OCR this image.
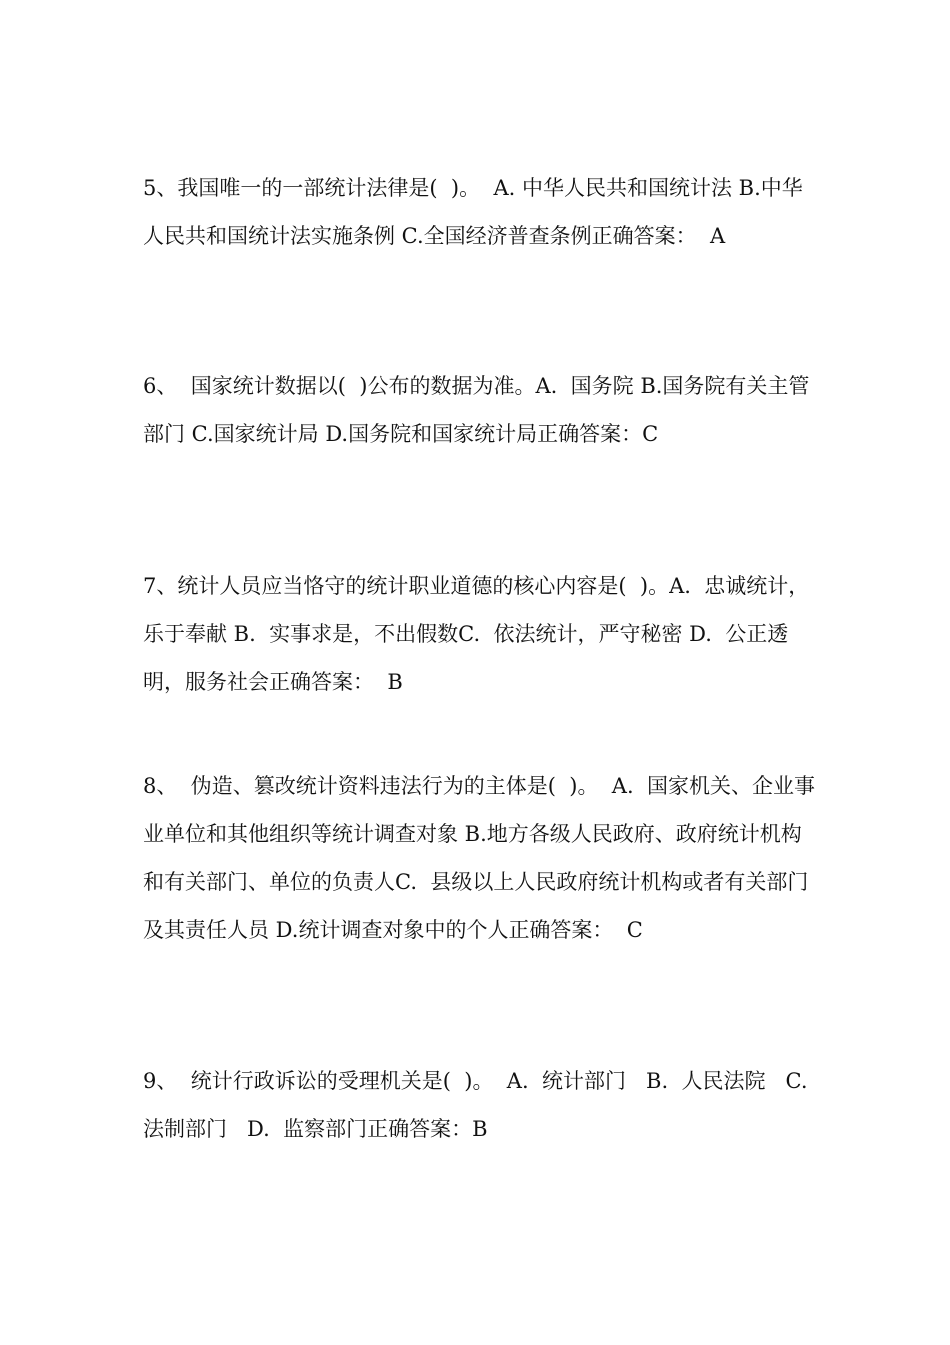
5、我国唯一的一部统计法律是(  )。  A. 中华人民共和国统计法 B.中华人民共和国统计法实施条例 C.全国经济普查条例正确答案：  A

6、  国家统计数据以(  )公布的数据为准。A.  国务院 B.国务院有关主管部门 C.国家统计局 D.国务院和国家统计局正确答案：C

7、统计人员应当恪守的统计职业道德的核心内容是(  )。A.  忠诚统计，乐于奉献 B.  实事求是，不出假数C.  依法统计，严守秘密 D.  公正透明，服务社会正确答案：  B

8、  伪造、篡改统计资料违法行为的主体是(  )。  A.  国家机关、企业事业单位和其他组织等统计调查对象 B.地方各级人民政府、政府统计机构和有关部门、单位的负责人C.  县级以上人民政府统计机构或者有关部门及其责任人员 D.统计调查对象中的个人正确答案：  C

9、  统计行政诉讼的受理机关是(  )。  A.  统计部门   B.  人民法院   C.  法制部门   D.  监察部门正确答案：B
